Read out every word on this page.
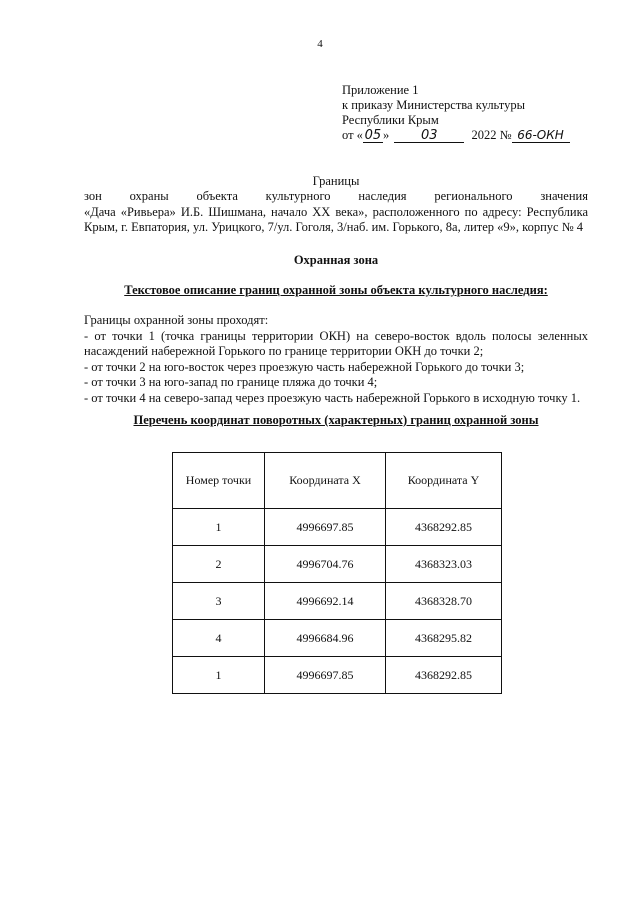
4
Приложение 1
к приказу Министерства культуры
Республики Крым
от « 05 » 03	2022 № 66-ОКН
Границы
зон охраны объекта культурного наследия регионального значения
«Дача «Ривьера» И.Б. Шишмана, начало XX века», расположенного по адресу: Республика Крым, г. Евпатория, ул. Урицкого, 7/ул. Гоголя, 3/наб. им. Горького, 8а, литер «9», корпус № 4
Охранная зона
Текстовое описание границ охранной зоны объекта культурного наследия:
Границы охранной зоны проходят:
- от точки 1 (точка границы территории ОКН) на северо-восток вдоль полосы зеленных насаждений набережной Горького по границе территории ОКН до точки 2;
- от точки 2 на юго-восток через проезжую часть набережной Горького до точки 3;
- от точки 3 на юго-запад по границе пляжа до точки 4;
- от точки 4 на северо-запад через проезжую часть набережной Горького в исходную точку 1.
Перечень координат поворотных (характерных) границ охранной зоны
Номер точки	Координата X	Координата Y
1	4996697.85	4368292.85
2	4996704.76	4368323.03
3	4996692.14	4368328.70
4	4996684.96	4368295.82
1	4996697.85	4368292.85
